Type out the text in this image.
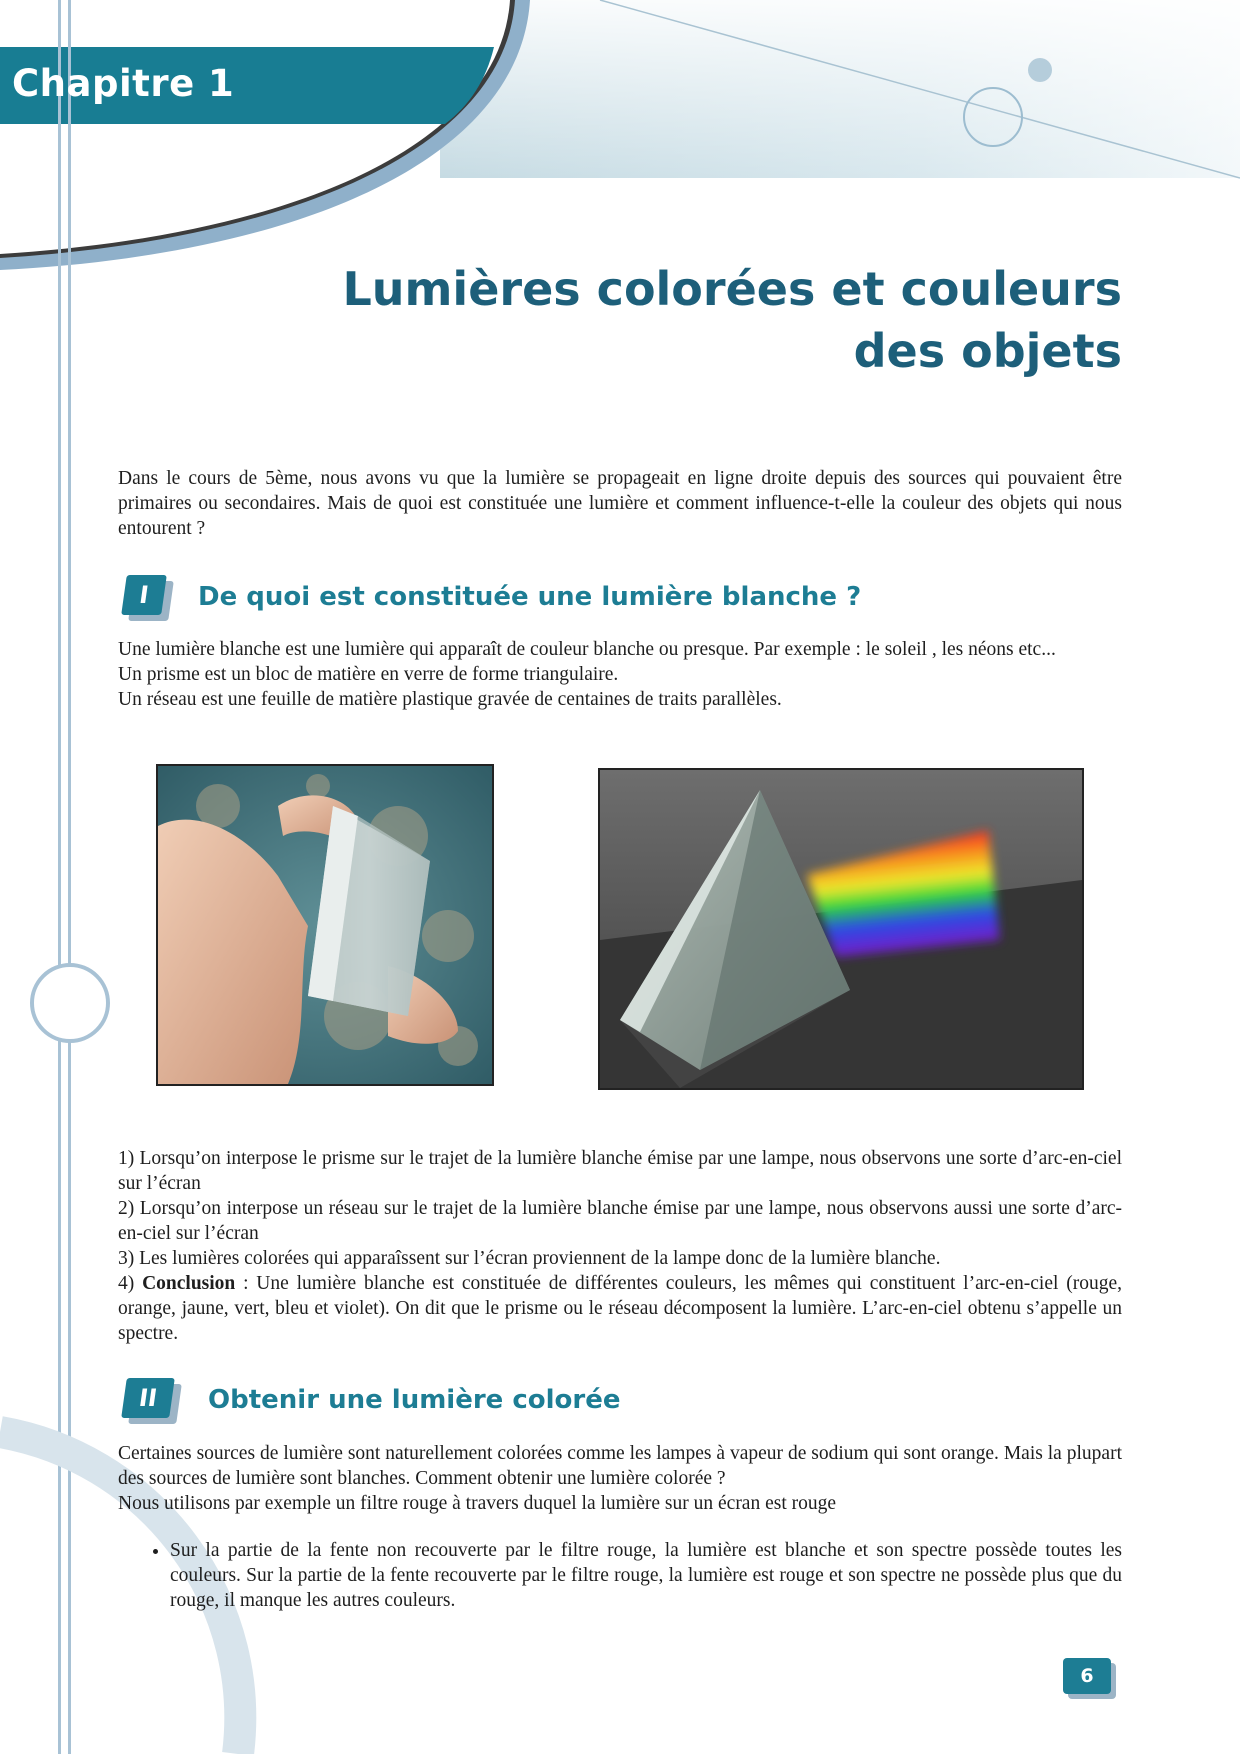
Chapitre 1
Lumières colorées et couleurs
des objets

Dans le cours de 5ème, nous avons vu que la lumière se propageait en ligne droite depuis des sources qui pouvaient être primaires ou secondaires. Mais de quoi est constituée une lumière et comment influence-t-elle la couleur des objets qui nous entourent ?

I	De quoi est constituée une lumière blanche ?

Une lumière blanche est une lumière qui apparaît de couleur blanche ou presque. Par exemple : le soleil , les néons etc...

Un prisme est un bloc de matière en verre de forme triangulaire.

Un réseau est une feuille de matière plastique gravée de centaines de traits parallèles.

1) Lorsqu’on interpose le prisme sur le trajet de la lumière blanche émise par une lampe, nous observons une sorte d’arc-en-ciel sur l’écran

2) Lorsqu’on interpose un réseau sur le trajet de la lumière blanche émise par une lampe, nous observons aussi une sorte d’arc-en-ciel sur l’écran

3) Les lumières colorées qui apparaîssent sur l’écran proviennent de la lampe donc de la lumière blanche.

4) Conclusion : Une lumière blanche est constituée de différentes couleurs, les mêmes qui constituent l’arc-en-ciel (rouge, orange, jaune, vert, bleu et violet). On dit que le prisme ou le réseau décomposent la lumière. L’arc-en-ciel obtenu s’appelle un spectre.

II	Obtenir une lumière colorée

Certaines sources de lumière sont naturellement colorées comme les lampes à vapeur de sodium qui sont orange. Mais la plupart des sources de lumière sont blanches. Comment obtenir une lumière colorée ?

Nous utilisons par exemple un filtre rouge à travers duquel la lumière sur un écran est rouge

• Sur la partie de la fente non recouverte par le filtre rouge, la lumière est blanche et son spectre possède toutes les couleurs. Sur la partie de la fente recouverte par le filtre rouge, la lumière est rouge et son spectre ne possède plus que du rouge, il manque les autres couleurs.
6
